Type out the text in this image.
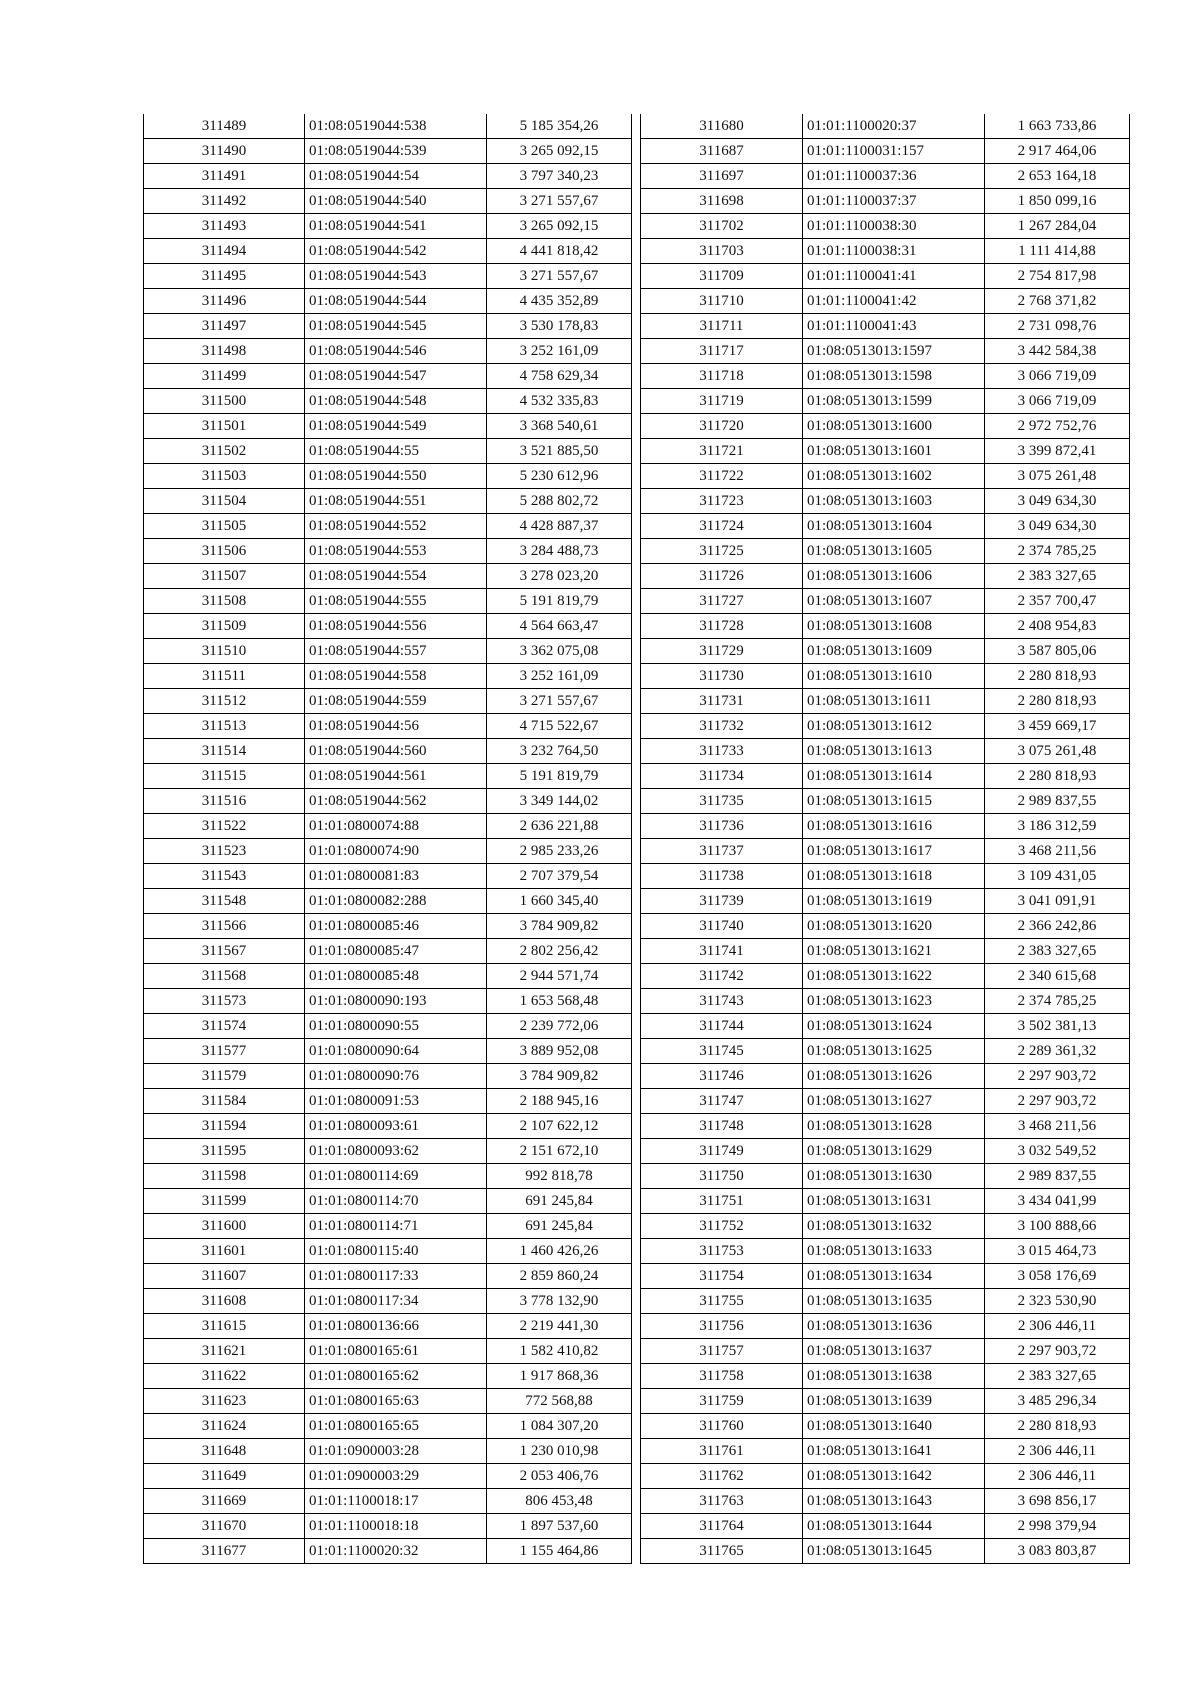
311489	01:08:0519044:538	5 185 354,26
311490	01:08:0519044:539	3 265 092,15
311491	01:08:0519044:54	3 797 340,23
311492	01:08:0519044:540	3 271 557,67
311493	01:08:0519044:541	3 265 092,15
311494	01:08:0519044:542	4 441 818,42
311495	01:08:0519044:543	3 271 557,67
311496	01:08:0519044:544	4 435 352,89
311497	01:08:0519044:545	3 530 178,83
311498	01:08:0519044:546	3 252 161,09
311499	01:08:0519044:547	4 758 629,34
311500	01:08:0519044:548	4 532 335,83
311501	01:08:0519044:549	3 368 540,61
311502	01:08:0519044:55	3 521 885,50
311503	01:08:0519044:550	5 230 612,96
311504	01:08:0519044:551	5 288 802,72
311505	01:08:0519044:552	4 428 887,37
311506	01:08:0519044:553	3 284 488,73
311507	01:08:0519044:554	3 278 023,20
311508	01:08:0519044:555	5 191 819,79
311509	01:08:0519044:556	4 564 663,47
311510	01:08:0519044:557	3 362 075,08
311511	01:08:0519044:558	3 252 161,09
311512	01:08:0519044:559	3 271 557,67
311513	01:08:0519044:56	4 715 522,67
311514	01:08:0519044:560	3 232 764,50
311515	01:08:0519044:561	5 191 819,79
311516	01:08:0519044:562	3 349 144,02
311522	01:01:0800074:88	2 636 221,88
311523	01:01:0800074:90	2 985 233,26
311543	01:01:0800081:83	2 707 379,54
311548	01:01:0800082:288	1 660 345,40
311566	01:01:0800085:46	3 784 909,82
311567	01:01:0800085:47	2 802 256,42
311568	01:01:0800085:48	2 944 571,74
311573	01:01:0800090:193	1 653 568,48
311574	01:01:0800090:55	2 239 772,06
311577	01:01:0800090:64	3 889 952,08
311579	01:01:0800090:76	3 784 909,82
311584	01:01:0800091:53	2 188 945,16
311594	01:01:0800093:61	2 107 622,12
311595	01:01:0800093:62	2 151 672,10
311598	01:01:0800114:69	992 818,78
311599	01:01:0800114:70	691 245,84
311600	01:01:0800114:71	691 245,84
311601	01:01:0800115:40	1 460 426,26
311607	01:01:0800117:33	2 859 860,24
311608	01:01:0800117:34	3 778 132,90
311615	01:01:0800136:66	2 219 441,30
311621	01:01:0800165:61	1 582 410,82
311622	01:01:0800165:62	1 917 868,36
311623	01:01:0800165:63	772 568,88
311624	01:01:0800165:65	1 084 307,20
311648	01:01:0900003:28	1 230 010,98
311649	01:01:0900003:29	2 053 406,76
311669	01:01:1100018:17	806 453,48
311670	01:01:1100018:18	1 897 537,60
311677	01:01:1100020:32	1 155 464,86
311680	01:01:1100020:37	1 663 733,86
311687	01:01:1100031:157	2 917 464,06
311697	01:01:1100037:36	2 653 164,18
311698	01:01:1100037:37	1 850 099,16
311702	01:01:1100038:30	1 267 284,04
311703	01:01:1100038:31	1 111 414,88
311709	01:01:1100041:41	2 754 817,98
311710	01:01:1100041:42	2 768 371,82
311711	01:01:1100041:43	2 731 098,76
311717	01:08:0513013:1597	3 442 584,38
311718	01:08:0513013:1598	3 066 719,09
311719	01:08:0513013:1599	3 066 719,09
311720	01:08:0513013:1600	2 972 752,76
311721	01:08:0513013:1601	3 399 872,41
311722	01:08:0513013:1602	3 075 261,48
311723	01:08:0513013:1603	3 049 634,30
311724	01:08:0513013:1604	3 049 634,30
311725	01:08:0513013:1605	2 374 785,25
311726	01:08:0513013:1606	2 383 327,65
311727	01:08:0513013:1607	2 357 700,47
311728	01:08:0513013:1608	2 408 954,83
311729	01:08:0513013:1609	3 587 805,06
311730	01:08:0513013:1610	2 280 818,93
311731	01:08:0513013:1611	2 280 818,93
311732	01:08:0513013:1612	3 459 669,17
311733	01:08:0513013:1613	3 075 261,48
311734	01:08:0513013:1614	2 280 818,93
311735	01:08:0513013:1615	2 989 837,55
311736	01:08:0513013:1616	3 186 312,59
311737	01:08:0513013:1617	3 468 211,56
311738	01:08:0513013:1618	3 109 431,05
311739	01:08:0513013:1619	3 041 091,91
311740	01:08:0513013:1620	2 366 242,86
311741	01:08:0513013:1621	2 383 327,65
311742	01:08:0513013:1622	2 340 615,68
311743	01:08:0513013:1623	2 374 785,25
311744	01:08:0513013:1624	3 502 381,13
311745	01:08:0513013:1625	2 289 361,32
311746	01:08:0513013:1626	2 297 903,72
311747	01:08:0513013:1627	2 297 903,72
311748	01:08:0513013:1628	3 468 211,56
311749	01:08:0513013:1629	3 032 549,52
311750	01:08:0513013:1630	2 989 837,55
311751	01:08:0513013:1631	3 434 041,99
311752	01:08:0513013:1632	3 100 888,66
311753	01:08:0513013:1633	3 015 464,73
311754	01:08:0513013:1634	3 058 176,69
311755	01:08:0513013:1635	2 323 530,90
311756	01:08:0513013:1636	2 306 446,11
311757	01:08:0513013:1637	2 297 903,72
311758	01:08:0513013:1638	2 383 327,65
311759	01:08:0513013:1639	3 485 296,34
311760	01:08:0513013:1640	2 280 818,93
311761	01:08:0513013:1641	2 306 446,11
311762	01:08:0513013:1642	2 306 446,11
311763	01:08:0513013:1643	3 698 856,17
311764	01:08:0513013:1644	2 998 379,94
311765	01:08:0513013:1645	3 083 803,87
